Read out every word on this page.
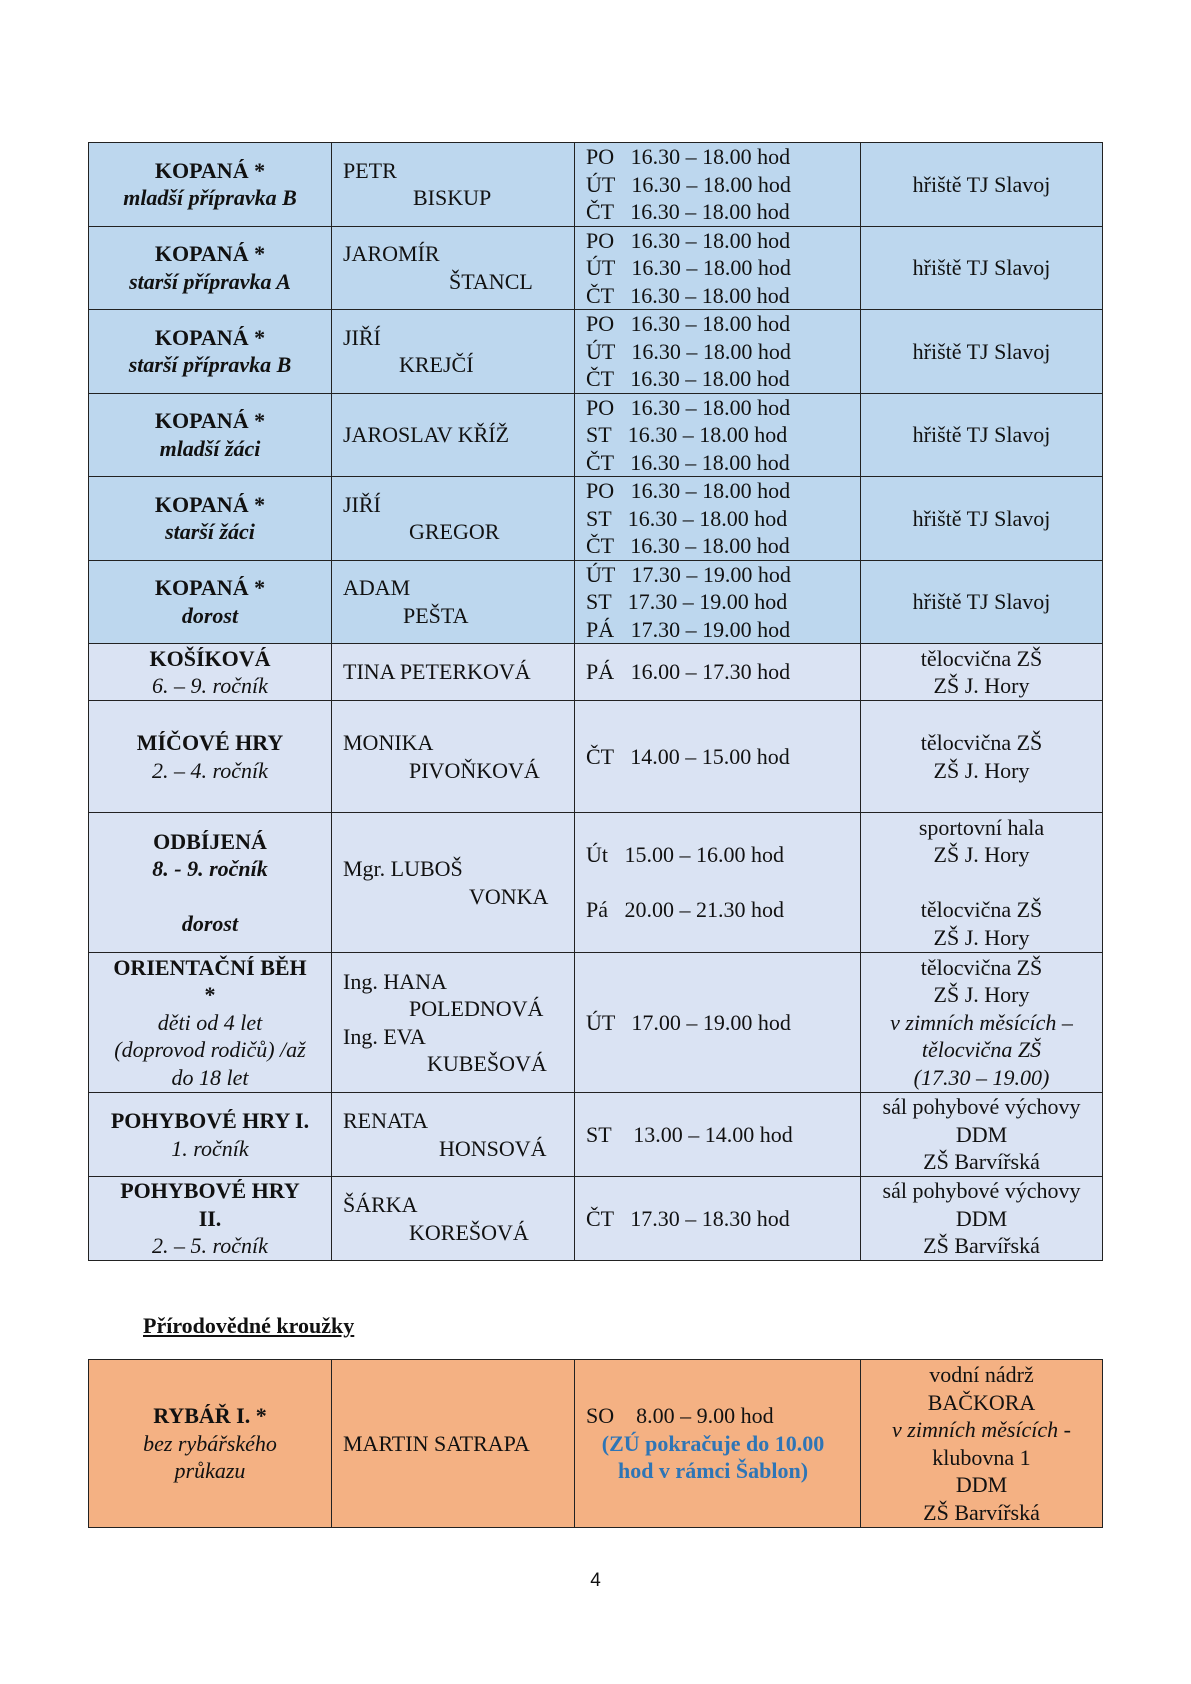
KOPANÁ *
mladší přípravka B	PETR
BISKUP	PO   16.30 – 18.00 hod
ÚT   16.30 – 18.00 hod
ČT   16.30 – 18.00 hod	hřiště TJ Slavoj

KOPANÁ *
starší přípravka A	JAROMÍR
ŠTANCL	PO   16.30 – 18.00 hod
ÚT   16.30 – 18.00 hod
ČT   16.30 – 18.00 hod	hřiště TJ Slavoj

KOPANÁ *
starší přípravka B	JIŘÍ
KREJČÍ	PO   16.30 – 18.00 hod
ÚT   16.30 – 18.00 hod
ČT   16.30 – 18.00 hod	hřiště TJ Slavoj

KOPANÁ *
mladší žáci	JAROSLAV KŘÍŽ	PO   16.30 – 18.00 hod
ST   16.30 – 18.00 hod
ČT   16.30 – 18.00 hod	hřiště TJ Slavoj

KOPANÁ *
starší žáci	JIŘÍ
GREGOR	PO   16.30 – 18.00 hod
ST   16.30 – 18.00 hod
ČT   16.30 – 18.00 hod	hřiště TJ Slavoj

KOPANÁ *
dorost	ADAM
PEŠTA	ÚT   17.30 – 19.00 hod
ST   17.30 – 19.00 hod
PÁ   17.30 – 19.00 hod	hřiště TJ Slavoj

KOŠÍKOVÁ
6. – 9. ročník	TINA PETERKOVÁ	PÁ   16.00 – 17.30 hod	tělocvična ZŠ
ZŠ J. Hory

MÍČOVÉ HRY
2. – 4. ročník	MONIKA
PIVOŇKOVÁ	ČT   14.00 – 15.00 hod	tělocvična ZŠ
ZŠ J. Hory

ODBÍJENÁ
8. - 9. ročník
dorost	Mgr. LUBOŠ
VONKA	Út   15.00 – 16.00 hod
Pá   20.00 – 21.30 hod	sportovní hala
ZŠ J. Hory
tělocvična ZŠ
ZŠ J. Hory

ORIENTAČNÍ BĚH
*
děti od 4 let
(doprovod rodičů) /až
do 18 let	Ing. HANA
POLEDNOVÁ
Ing. EVA
KUBEŠOVÁ	ÚT   17.00 – 19.00 hod	tělocvična ZŠ
ZŠ J. Hory
v zimních měsících –
tělocvična ZŠ
(17.30 – 19.00)

POHYBOVÉ HRY I.
1. ročník	RENATA
HONSOVÁ	ST    13.00 – 14.00 hod	sál pohybové výchovy
DDM
ZŠ Barvířská

POHYBOVÉ HRY
II.
2. – 5. ročník	ŠÁRKA
KOREŠOVÁ	ČT   17.30 – 18.30 hod	sál pohybové výchovy
DDM
ZŠ Barvířská
Přírodovědné kroužky
RYBÁŘ I. *
bez rybářského
průkazu

MARTIN SATRAPA

SO    8.00 – 9.00 hod
(ZÚ pokračuje do 10.00
hod v rámci Šablon)

vodní nádrž
BAČKORA
v zimních měsících -
klubovna 1
DDM
ZŠ Barvířská
4
